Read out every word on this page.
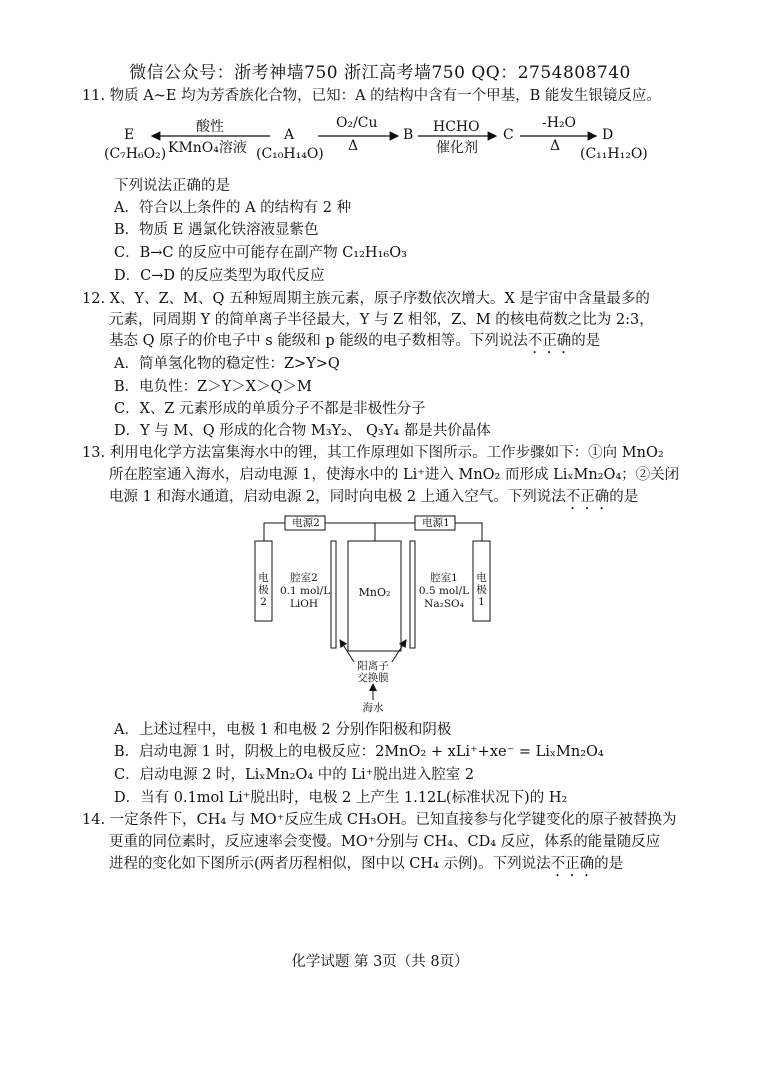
微信公众号：浙考神墙750 浙江高考墙750 QQ：2754808740
11. 物质 A~E 均为芳香族化合物，已知：A 的结构中含有一个甲基，B 能发生银镜反应。
E
(C₇H₆O₂)
酸性
KMnO₄溶液
A
(C₁₀H₁₄O)
O₂/Cu
Δ
B HCHO
催化剂
C
-H₂O
Δ
D
(C₁₁H₁₂O)
下列说法正确的是
A．符合以上条件的 A 的结构有 2 种
B．物质 E 遇氯化铁溶液显紫色
C．B→C 的反应中可能存在副产物 C₁₂H₁₆O₃
D．C→D 的反应类型为取代反应
12. X、Y、Z、M、Q 五种短周期主族元素，原子序数依次增大。X 是宇宙中含量最多的
元素，同周期 Y 的简单离子半径最大，Y 与 Z 相邻，Z、M 的核电荷数之比为 2:3，
基态 Q 原子的价电子中 s 能级和 p 能级的电子数相等。下列说法不正确的是
A．简单氢化物的稳定性：Z>Y>Q
B．电负性：Z＞Y＞X＞Q＞M
C．X、Z 元素形成的单质分子不都是非极性分子
D．Y 与 M、Q 形成的化合物 M₃Y₂、 Q₃Y₄ 都是共价晶体
13. 利用电化学方法富集海水中的锂，其工作原理如下图所示。工作步骤如下：①向 MnO₂
所在腔室通入海水，启动电源 1，使海水中的 Li⁺进入 MnO₂ 而形成 LiₓMn₂O₄；②关闭
电源 1 和海水通道，启动电源 2，同时向电极 2 上通入空气。下列说法不正确的是
电源2	电源1
电
极
2
电
极
1
腔室2
0.1 mol/L
LiOH
腔室1
0.5 mol/L
Na₂SO₄
MnO₂
阳离子
交换膜
海水
A．上述过程中，电极 1 和电极 2 分别作阳极和阴极
B．启动电源 1 时，阴极上的电极反应：2MnO₂ + xLi⁺+xe⁻ = LiₓMn₂O₄
C．启动电源 2 时，LiₓMn₂O₄ 中的 Li⁺脱出进入腔室 2
D．当有 0.1mol Li⁺脱出时，电极 2 上产生 1.12L(标准状况下)的 H₂
14. 一定条件下，CH₄ 与 MO⁺反应生成 CH₃OH。已知直接参与化学键变化的原子被替换为
更重的同位素时，反应速率会变慢。MO⁺分别与 CH₄、CD₄ 反应，体系的能量随反应
进程的变化如下图所示(两者历程相似，图中以 CH₄ 示例)。下列说法不正确的是
化学试题 第 3页（共 8页）
